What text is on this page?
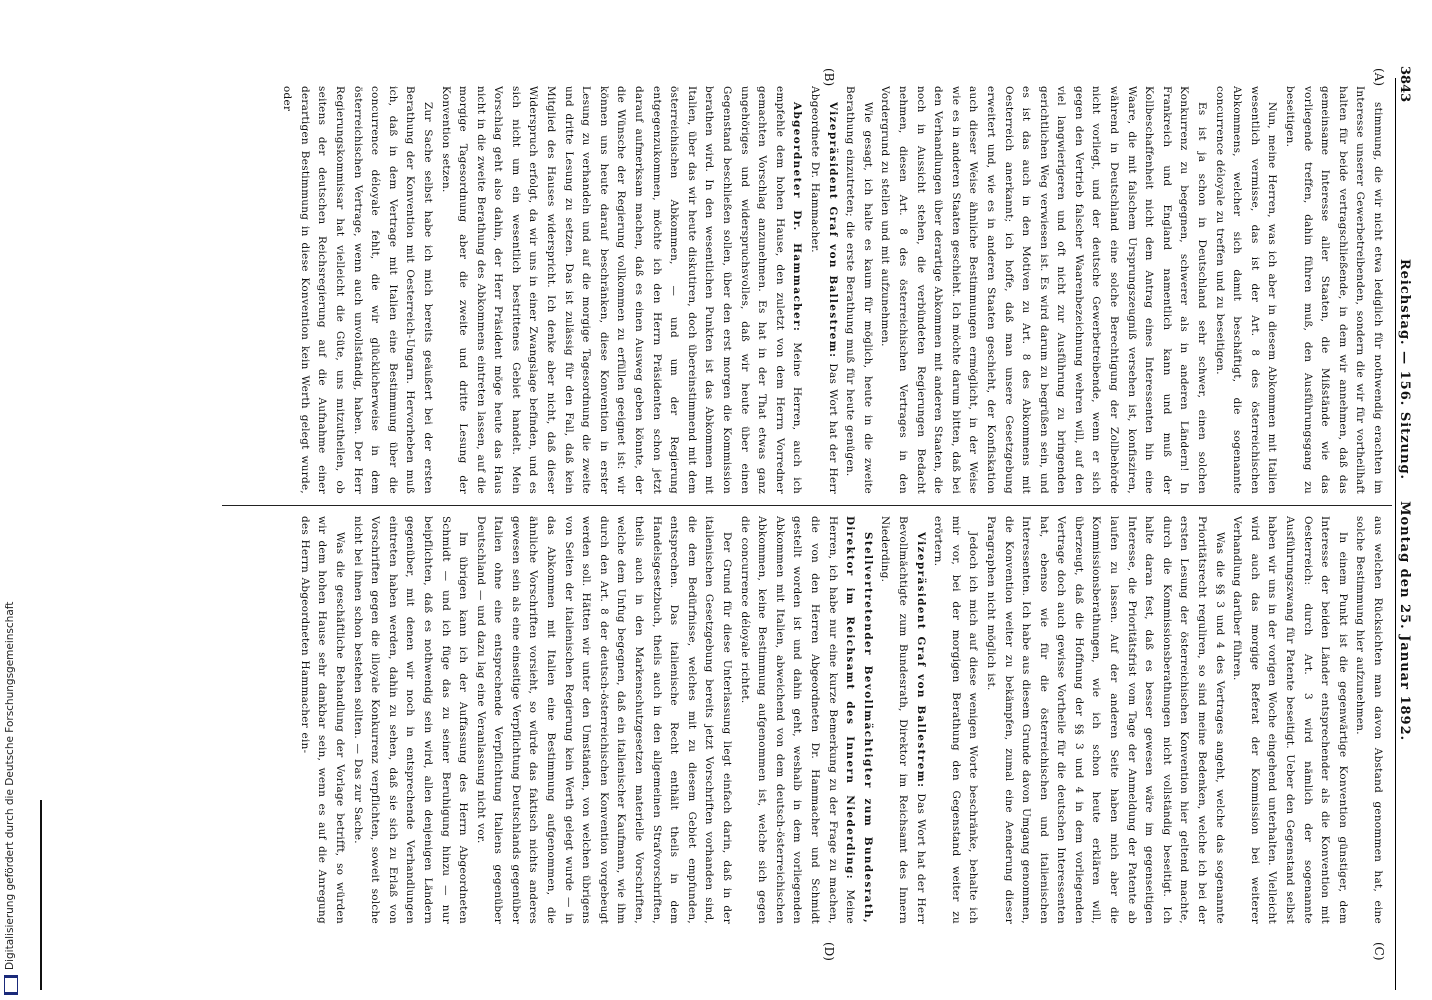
Digitalisierung gefördert durch die Deutsche Forschungsgemeinschaft
3843
Reichstag. — 156. Sitzung.  Montag den 25. Januar 1892.
(A)
(B)
(C)
(D)

stimmung, die wir nicht etwa lediglich für nothwendig erachten im Interesse unserer Gewerbetreibenden, sondern die wir für vortheilhaft halten für beide vertragschließende, in dem wir annehmen, daß das gemeinsame Interesse aller Staaten, die Mißstände wie das vorliegende treffen, dahin führen muß, den Ausführungsgang zu beseitigen.

Nun, meine Herren, was ich aber in diesem Abkommen mit Italien wesentlich vermisse, das ist der Art. 8 des österreichischen Abkommens, welcher sich damit beschäftigt, die sogenannte concurrence déloyale zu treffen und zu beseitigen.

Es ist ja schon in Deutschland sehr schwer, einen solchen Konkurrenz zu begegnen, schwerer als in anderen Ländern! In Frankreich und England namentlich kann und muß der Kollbeschaffenheit nicht dem Antrag eines Interessenten hin eine Waare, die mit falschem Ursprungszeugniß versehen ist, konfisziren, während in Deutschland eine solche Berechtigung der Zollbehörde nicht vorliegt, und der deutsche Gewerbetreibende, wenn er sich gegen den Vertrieb falscher Waarenbezeichnung wehren will, auf den viel langwierigeren und oft nicht zur Ausführung zu bringenden gerichtlichen Weg verwiesen ist. Es wird darum zu begrüßen sein, und es ist das auch in den Motiven zu Art. 8 des Abkommens mit Oesterreich anerkannt; ich hoffe, daß man unsere Gesetzgebung erweitert und, wie es in anderen Staaten geschieht, der Konfiskation auch dieser Weise ähnliche Bestimmungen ermöglicht, in der Weise wie es in anderen Staaten geschieht. Ich möchte darum bitten, daß bei den Verhandlungen über derartige Abkommen mit anderen Staaten, die noch in Aussicht stehen, die verbündeten Regierungen Bedacht nehmen, diesen Art. 8 des österreichischen Vertrages in den Vordergrund zu stellen und mit aufzunehmen.

Wie gesagt, ich halte es kaum für möglich, heute in die zweite Berathung einzutreten; die erste Berathung muß für heute genügen.

Vizepräsident Graf von Ballestrem: Das Wort hat der Herr Abgeordnete Dr. Hammacher.

Abgeordneter Dr. Hammacher: Meine Herren, auch ich empfehle dem hohen Hause, den zuletzt von dem Herrn Vorredner gemachten Vorschlag anzunehmen. Es hat in der That etwas ganz ungehöriges und widerspruchsvolles, daß wir heute über einen Gegenstand beschließen sollen, über den erst morgen die Kommission berathen wird. In den wesentlichen Punkten ist das Abkommen mit Italien, über das wir heute diskutiren, doch übereinstimmend mit dem österreichischen Abkommen, — und um der Regierung entgegenzukommen, möchte ich den Herrn Präsidenten schon jetzt darauf aufmerksam machen, daß es einen Ausweg geben könnte, der die Wünsche der Regierung vollkommen zu erfüllen geeignet ist: wir können uns heute darauf beschränken, diese Konvention in erster Lesung zu verhandeln und auf die morgige Tagesordnung die zweite und dritte Lesung zu setzen. Das ist zulässig für den Fall, daß kein Mitglied des Hauses widerspricht. Ich denke aber nicht, daß dieser Widerspruch erfolgt, da wir uns in einer Zwangslage befinden, und es sich nicht um ein wesentlich bestrittenes Gebiet handelt. Mein Vorschlag geht also dahin, der Herr Präsident möge heute das Haus nicht in die zweite Berathung des Abkommens eintreten lassen, auf die morgige Tagesordnung aber die zweite und dritte Lesung der Konvention setzen.

Zur Sache selbst habe ich mich bereits geäußert bei der ersten Berathung der Konvention mit Oesterreich-Ungarn. Hervorheben muß ich, daß in dem Vertrage mit Italien eine Bestimmung über die concurrence déloyale fehlt, die wir glücklicherweise in dem österreichischen Vertrage, wenn auch unvollständig, haben. Der Herr Regierungskommissar hat vielleicht die Güte, uns mitzutheilen, ob seitens der deutschen Reichsregierung auf die Aufnahme einer derartigen Bestimmung in diese Konvention kein Werth gelegt wurde, oder

aus welchen Rücksichten man davon Abstand genommen hat, eine solche Bestimmung hier aufzunehmen.

In einem Punkt ist die gegenwärtige Konvention günstiger, dem Interesse der beiden Länder entsprechender als die Konvention mit Oesterreich: durch Art. 3 wird nämlich der sogenannte Ausführungszwang für Patente beseitigt. Ueber den Gegenstand selbst haben wir uns in der vorigen Woche eingehend unterhalten. Vielleicht wird auch das morgige Referat der Kommission bei weiterer Verhandlung darüber führen.

Was die §§ 3 und 4 des Vertrages angeht, welche das sogenannte Prioritätsrecht reguliren, so sind meine Bedenken, welche ich bei der ersten Lesung der österreichischen Konvention hier geltend machte, durch die Kommissionsberathungen nicht vollständig beseitigt. Ich halte daran fest, daß es besser gewesen wäre im gegenseitigen Interesse, die Prioritätsfrist vom Tage der Anmeldung der Patente ab laufen zu lassen. Auf der anderen Seite haben mich aber die Kommissionsberathungen, wie ich schon heute erklären will, überzeugt, daß die Hoffnung der §§ 3 und 4 in dem vorliegenden Vertrage doch auch gewisse Vortheile für die deutschen Interessenten hat, ebenso wie für die österreichischen und italienischen Interessenten. Ich habe aus diesem Grunde davon Umgang genommen, die Konvention weiter zu bekämpfen, zumal eine Aenderung dieser Paragraphen nicht möglich ist.

Jedoch ich mich auf diese wenigen Worte beschränke, behalte ich mir vor, bei der morgigen Berathung den Gegenstand weiter zu erörtern.

Vizepräsident Graf von Ballestrem: Das Wort hat der Herr Bevollmächtigte zum Bundesrath, Direktor im Reichsamt des Innern Niederding.

Stellvertretender Bevollmächtigter zum Bundesrath, Direktor im Reichsamt des Innern Niederding: Meine Herren, ich habe nur eine kurze Bemerkung zu der Frage zu machen, die von den Herren Abgeordneten Dr. Hammacher und Schmidt gestellt worden ist und dahin geht, weshalb in dem vorliegenden Abkommen mit Italien, abweichend von dem deutsch-österreichischen Abkommen, keine Bestimmung aufgenommen ist, welche sich gegen die concurrence déloyale richtet.

Der Grund für diese Unterlassung liegt einfach darin, daß in der italienischen Gesetzgebung bereits jetzt Vorschriften vorhanden sind, die dem Bedürfnisse, welches mit zu diesem Gebiet empfunden, entsprechen. Das italienische Recht enthält theils in dem Handelsgesetzbuch, theils auch in den allgemeinen Strafvorschriften, theils auch in den Markenschutzgesetzen materielle Vorschriften, welche dem Unfug begegnen, daß ein italienischer Kaufmann, wie ihm durch den Art. 8 der deutsch-österreichischen Konvention vorgebeugt werden soll. Hätten wir unter den Umständen, von welchen übrigens von Seiten der italienischen Regierung kein Werth gelegt wurde — in das Abkommen mit Italien eine Bestimmung aufgenommen, die ähnliche Vorschriften vorsieht, so würde das faktisch nichts anderes gewesen sein als eine einseitige Verpflichtung Deutschlands gegenüber Italien ohne eine entsprechende Verpflichtung Italiens gegenüber Deutschland — und dazu lag eine Veranlassung nicht vor.

Im übrigen kann ich der Auffassung des Herrn Abgeordneten Schmidt — und ich füge das zu seiner Beruhigung hinzu — nur beipflichten, daß es nothwendig sein wird, allen denjenigen Ländern gegenüber, mit denen wir noch in entsprechende Verhandlungen eintreten haben werden, dahin zu sehen, daß sie sich zu Erlaß von Vorschriften gegen die illoyale Konkurrenz verpflichten, soweit solche nicht bei ihnen schon bestehen sollten. — Das zur Sache.

Was die geschäftliche Behandlung der Vorlage betrifft, so würden wir dem hohen Hause sehr dankbar sein, wenn es auf die Anregung des Herrn Abgeordneten Hammacher ein-
